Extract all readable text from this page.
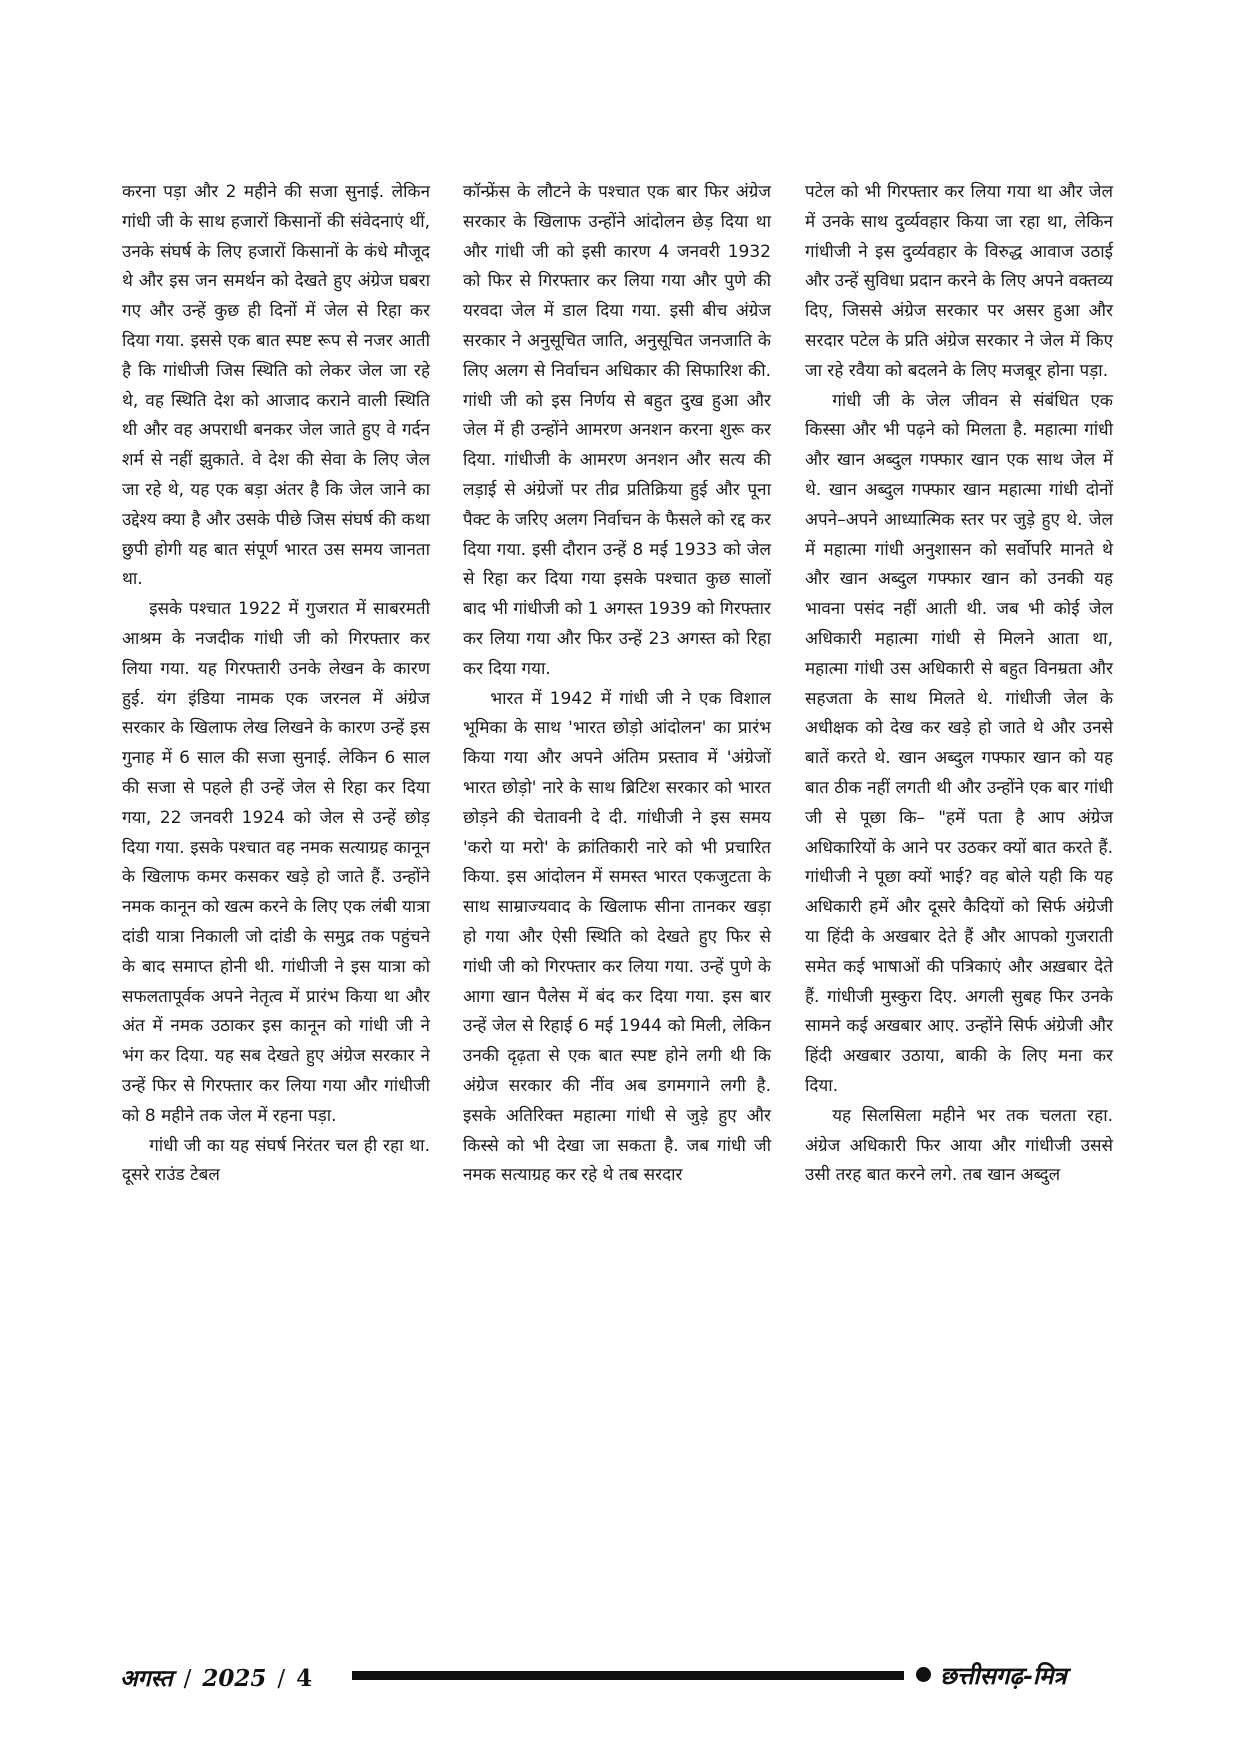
करना पड़ा और 2 महीने की सजा सुनाई. लेकिन गांधी जी के साथ हजारों किसानों की संवेदनाएं थीं, उनके संघर्ष के लिए हजारों किसानों के कंधे मौजूद थे और इस जन समर्थन को देखते हुए अंग्रेज घबरा गए और उन्हें कुछ ही दिनों में जेल से रिहा कर दिया गया. इससे एक बात स्पष्ट रूप से नजर आती है कि गांधीजी जिस स्थिति को लेकर जेल जा रहे थे, वह स्थिति देश को आजाद कराने वाली स्थिति थी और वह अपराधी बनकर जेल जाते हुए वे गर्दन शर्म से नहीं झुकाते. वे देश की सेवा के लिए जेल जा रहे थे, यह एक बड़ा अंतर है कि जेल जाने का उद्देश्य क्या है और उसके पीछे जिस संघर्ष की कथा छुपी होगी यह बात संपूर्ण भारत उस समय जानता था.

इसके पश्चात 1922 में गुजरात में साबरमती आश्रम के नजदीक गांधी जी को गिरफ्तार कर लिया गया. यह गिरफ्तारी उनके लेखन के कारण हुई. यंग इंडिया नामक एक जरनल में अंग्रेज सरकार के खिलाफ लेख लिखने के कारण उन्हें इस गुनाह में 6 साल की सजा सुनाई. लेकिन 6 साल की सजा से पहले ही उन्हें जेल से रिहा कर दिया गया, 22 जनवरी 1924 को जेल से उन्हें छोड़ दिया गया. इसके पश्चात वह नमक सत्याग्रह कानून के खिलाफ कमर कसकर खड़े हो जाते हैं. उन्होंने नमक कानून को खत्म करने के लिए एक लंबी यात्रा दांडी यात्रा निकाली जो दांडी के समुद्र तक पहुंचने के बाद समाप्त होनी थी. गांधीजी ने इस यात्रा को सफलतापूर्वक अपने नेतृत्व में प्रारंभ किया था और अंत में नमक उठाकर इस कानून को गांधी जी ने भंग कर दिया. यह सब देखते हुए अंग्रेज सरकार ने उन्हें फिर से गिरफ्तार कर लिया गया और गांधीजी को 8 महीने तक जेल में रहना पड़ा.

गांधी जी का यह संघर्ष निरंतर चल ही रहा था. दूसरे राउंड टेबल

कॉन्फ्रेंस के लौटने के पश्चात एक बार फिर अंग्रेज सरकार के खिलाफ उन्होंने आंदोलन छेड़ दिया था और गांधी जी को इसी कारण 4 जनवरी 1932 को फिर से गिरफ्तार कर लिया गया और पुणे की यरवदा जेल में डाल दिया गया. इसी बीच अंग्रेज सरकार ने अनुसूचित जाति, अनुसूचित जनजाति के लिए अलग से निर्वाचन अधिकार की सिफारिश की. गांधी जी को इस निर्णय से बहुत दुख हुआ और जेल में ही उन्होंने आमरण अनशन करना शुरू कर दिया. गांधीजी के आमरण अनशन और सत्य की लड़ाई से अंग्रेजों पर तीव्र प्रतिक्रिया हुई और पूना पैक्ट के जरिए अलग निर्वाचन के फैसले को रद्द कर दिया गया. इसी दौरान उन्हें 8 मई 1933 को जेल से रिहा कर दिया गया इसके पश्चात कुछ सालों बाद भी गांधीजी को 1 अगस्त 1939 को गिरफ्तार कर लिया गया और फिर उन्हें 23 अगस्त को रिहा कर दिया गया.

भारत में 1942 में गांधी जी ने एक विशाल भूमिका के साथ 'भारत छोड़ो आंदोलन' का प्रारंभ किया गया और अपने अंतिम प्रस्ताव में 'अंग्रेजों भारत छोड़ो' नारे के साथ ब्रिटिश सरकार को भारत छोड़ने की चेतावनी दे दी. गांधीजी ने इस समय 'करो या मरो' के क्रांतिकारी नारे को भी प्रचारित किया. इस आंदोलन में समस्त भारत एकजुटता के साथ साम्राज्यवाद के खिलाफ सीना तानकर खड़ा हो गया और ऐसी स्थिति को देखते हुए फिर से गांधी जी को गिरफ्तार कर लिया गया. उन्हें पुणे के आगा खान पैलेस में बंद कर दिया गया. इस बार उन्हें जेल से रिहाई 6 मई 1944 को मिली, लेकिन उनकी दृढ़ता से एक बात स्पष्ट होने लगी थी कि अंग्रेज सरकार की नींव अब डगमगाने लगी है. इसके अतिरिक्त महात्मा गांधी से जुड़े हुए और किस्से को भी देखा जा सकता है. जब गांधी जी नमक सत्याग्रह कर रहे थे तब सरदार

पटेल को भी गिरफ्तार कर लिया गया था और जेल में उनके साथ दुर्व्यवहार किया जा रहा था, लेकिन गांधीजी ने इस दुर्व्यवहार के विरुद्ध आवाज उठाई और उन्हें सुविधा प्रदान करने के लिए अपने वक्तव्य दिए, जिससे अंग्रेज सरकार पर असर हुआ और सरदार पटेल के प्रति अंग्रेज सरकार ने जेल में किए जा रहे रवैया को बदलने के लिए मजबूर होना पड़ा.

गांधी जी के जेल जीवन से संबंधित एक किस्सा और भी पढ़ने को मिलता है. महात्मा गांधी और खान अब्दुल गफ्फार खान एक साथ जेल में थे. खान अब्दुल गफ्फार खान महात्मा गांधी दोनों अपने–अपने आध्यात्मिक स्तर पर जुड़े हुए थे. जेल में महात्मा गांधी अनुशासन को सर्वोपरि मानते थे और खान अब्दुल गफ्फार खान को उनकी यह भावना पसंद नहीं आती थी. जब भी कोई जेल अधिकारी महात्मा गांधी से मिलने आता था, महात्मा गांधी उस अधिकारी से बहुत विनम्रता और सहजता के साथ मिलते थे. गांधीजी जेल के अधीक्षक को देख कर खड़े हो जाते थे और उनसे बातें करते थे. खान अब्दुल गफ्फार खान को यह बात ठीक नहीं लगती थी और उन्होंने एक बार गांधी जी से पूछा कि– "हमें पता है आप अंग्रेज अधिकारियों के आने पर उठकर क्यों बात करते हैं. गांधीजी ने पूछा क्यों भाई? वह बोले यही कि यह अधिकारी हमें और दूसरे कैदियों को सिर्फ अंग्रेजी या हिंदी के अखबार देते हैं और आपको गुजराती समेत कई भाषाओं की पत्रिकाएं और अख़बार देते हैं. गांधीजी मुस्कुरा दिए. अगली सुबह फिर उनके सामने कई अखबार आए. उन्होंने सिर्फ अंग्रेजी और हिंदी अखबार उठाया, बाकी के लिए मना कर दिया.

यह सिलसिला महीने भर तक चलता रहा. अंग्रेज अधिकारी फिर आया और गांधीजी उससे उसी तरह बात करने लगे. तब खान अब्दुल

अगस्त / 2025 / 4	छत्तीसगढ़-मित्र
